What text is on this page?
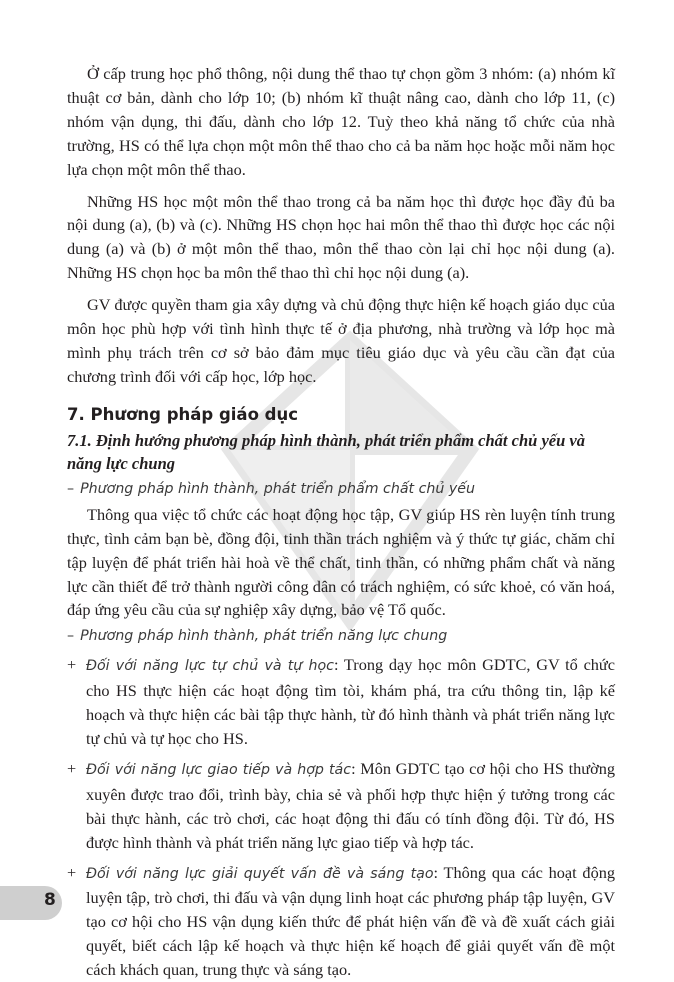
Ở cấp trung học phổ thông, nội dung thể thao tự chọn gồm 3 nhóm: (a) nhóm kĩ thuật cơ bản, dành cho lớp 10; (b) nhóm kĩ thuật nâng cao, dành cho lớp 11, (c) nhóm vận dụng, thi đấu, dành cho lớp 12. Tuỳ theo khả năng tổ chức của nhà trường, HS có thể lựa chọn một môn thể thao cho cả ba năm học hoặc mỗi năm học lựa chọn một môn thể thao.

Những HS học một môn thể thao trong cả ba năm học thì được học đầy đủ ba nội dung (a), (b) và (c). Những HS chọn học hai môn thể thao thì được học các nội dung (a) và (b) ở một môn thể thao, môn thể thao còn lại chỉ học nội dung (a). Những HS chọn học ba môn thể thao thì chỉ học nội dung (a).

GV được quyền tham gia xây dựng và chủ động thực hiện kế hoạch giáo dục của môn học phù hợp với tình hình thực tế ở địa phương, nhà trường và lớp học mà mình phụ trách trên cơ sở bảo đảm mục tiêu giáo dục và yêu cầu cần đạt của chương trình đối với cấp học, lớp học.

7. Phương pháp giáo dục
7.1. Định hướng phương pháp hình thành, phát triển phẩm chất chủ yếu và năng lực chung
– Phương pháp hình thành, phát triển phẩm chất chủ yếu

Thông qua việc tổ chức các hoạt động học tập, GV giúp HS rèn luyện tính trung thực, tình cảm bạn bè, đồng đội, tinh thần trách nghiệm và ý thức tự giác, chăm chỉ tập luyện để phát triển hài hoà về thể chất, tinh thần, có những phẩm chất và năng lực cần thiết để trở thành người công dân có trách nghiệm, có sức khoẻ, có văn hoá, đáp ứng yêu cầu của sự nghiệp xây dựng, bảo vệ Tổ quốc.

– Phương pháp hình thành, phát triển năng lực chung

+ Đối với năng lực tự chủ và tự học: Trong dạy học môn GDTC, GV tổ chức cho HS thực hiện các hoạt động tìm tòi, khám phá, tra cứu thông tin, lập kế hoạch và thực hiện các bài tập thực hành, từ đó hình thành và phát triển năng lực tự chủ và tự học cho HS.

+ Đối với năng lực giao tiếp và hợp tác: Môn GDTC tạo cơ hội cho HS thường xuyên được trao đổi, trình bày, chia sẻ và phối hợp thực hiện ý tưởng trong các bài thực hành, các trò chơi, các hoạt động thi đấu có tính đồng đội. Từ đó, HS được hình thành và phát triển năng lực giao tiếp và hợp tác.

+ Đối với năng lực giải quyết vấn đề và sáng tạo: Thông qua các hoạt động luyện tập, trò chơi, thi đấu và vận dụng linh hoạt các phương pháp tập luyện, GV tạo cơ hội cho HS vận dụng kiến thức để phát hiện vấn đề và đề xuất cách giải quyết, biết cách lập kế hoạch và thực hiện kế hoạch để giải quyết vấn đề một cách khách quan, trung thực và sáng tạo.

8
